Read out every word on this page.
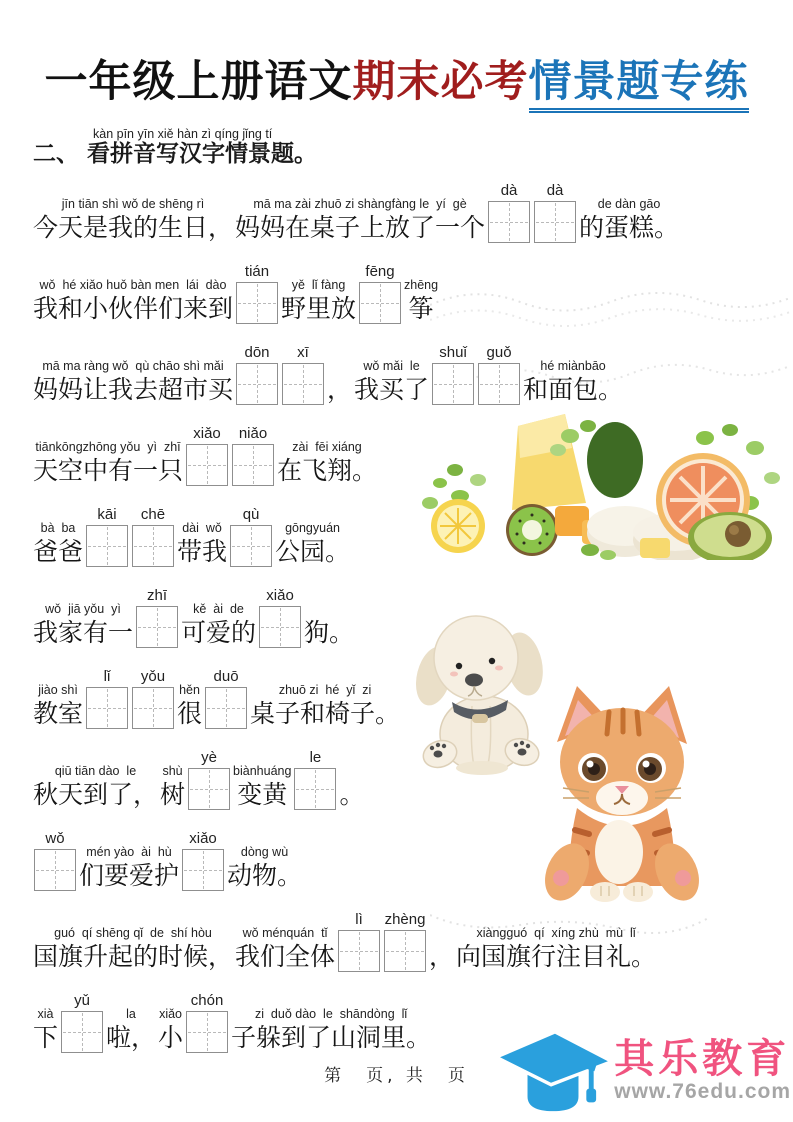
一年级上册语文期末必考情景题专练
二、
kàn pīn yīn xiě hàn zì qíng jǐng tí
看拼音写汉字情景题。
jīn tiān shì wǒ de shēng rì
今天是我的生日，
mā ma zài zhuō zi shàngfàng le  yí  gè
妈妈在桌子上放了一个
dà dà
de dàn gāo
的蛋糕。
wǒ  hé xiǎo huǒ bàn men  lái  dào
我和小伙伴们来到
tián
yě  lǐ fàng
野里放
fēng
zhēng
筝
mā ma ràng wǒ  qù chāo shì mǎi
妈妈让我去超市买
dōn xī
，
wǒ mǎi  le
我买了
shuǐ guǒ
hé miànbāo
和面包。
tiānkōngzhōng yǒu  yì  zhī
天空中有一只
xiǎo niǎo
zài  fēi xiáng
在飞翔。
bà  ba
爸爸
kāi chē
dài  wǒ
带我
qù
gōngyuán
公园。
wǒ  jiā yǒu  yì
我家有一
zhī
kě  ài  de
可爱的
xiǎo
狗。
jiào shì
教室
lǐ yǒu
hěn
很
duō
zhuō zi  hé  yǐ  zi
桌子和椅子。
qiū tiān dào  le
秋天到了，
shù
树
yè
biànhuáng
变黄
le
。
wǒ
mén yào  ài  hù
们要爱护
xiǎo
dòng wù
动物。
guó  qí shēng qǐ  de  shí hòu
国旗升起的时候，
wǒ ménquán  tǐ
我们全体
lì zhèng
，
xiàngguó  qí  xíng zhù  mù  lǐ
向国旗行注目礼。
xià
下
yǔ
la
啦，
xiǎo
小
chón
zi  duǒ dào  le  shāndòng  lǐ
子躲到了山洞里。
第　页, 共　页	其乐教育
www.76edu.com
